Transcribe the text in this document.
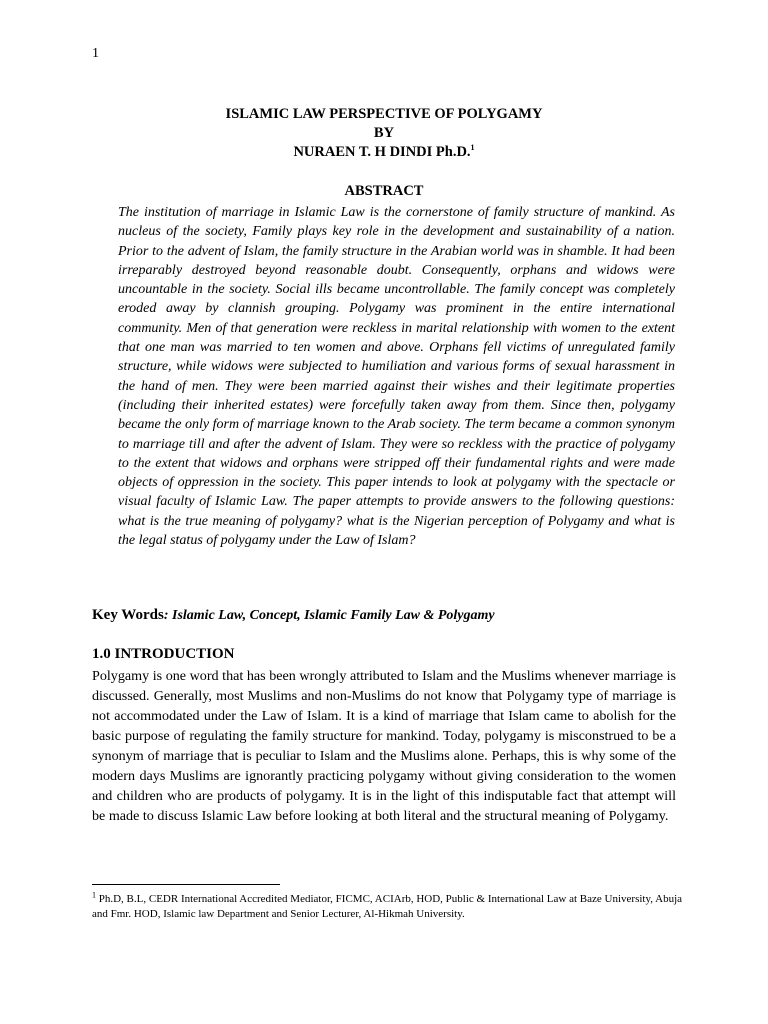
1
ISLAMIC LAW PERSPECTIVE OF POLYGAMY
BY
NURAEN T. H DINDI Ph.D.$^1$
ABSTRACT
The institution of marriage in Islamic Law is the cornerstone of family structure of mankind. As nucleus of the society, Family plays key role in the development and sustainability of a nation. Prior to the advent of Islam, the family structure in the Arabian world was in shamble. It had been irreparably destroyed beyond reasonable doubt. Consequently, orphans and widows were uncountable in the society. Social ills became uncontrollable. The family concept was completely eroded away by clannish grouping. Polygamy was prominent in the entire international community. Men of that generation were reckless in marital relationship with women to the extent that one man was married to ten women and above. Orphans fell victims of unregulated family structure, while widows were subjected to humiliation and various forms of sexual harassment in the hand of men. They were been married against their wishes and their legitimate properties (including their inherited estates) were forcefully taken away from them. Since then, polygamy became the only form of marriage known to the Arab society. The term became a common synonym to marriage till and after the advent of Islam. They were so reckless with the practice of polygamy to the extent that widows and orphans were stripped off their fundamental rights and were made objects of oppression in the society. This paper intends to look at polygamy with the spectacle or visual faculty of Islamic Law. The paper attempts to provide answers to the following questions: what is the true meaning of polygamy? what is the Nigerian perception of Polygamy and what is the legal status of polygamy under the Law of Islam?
Key Words: Islamic Law, Concept, Islamic Family Law & Polygamy
1.0 INTRODUCTION
Polygamy is one word that has been wrongly attributed to Islam and the Muslims whenever marriage is discussed. Generally, most Muslims and non-Muslims do not know that Polygamy type of marriage is not accommodated under the Law of Islam. It is a kind of marriage that Islam came to abolish for the basic purpose of regulating the family structure for mankind. Today, polygamy is misconstrued to be a synonym of marriage that is peculiar to Islam and the Muslims alone. Perhaps, this is why some of the modern days Muslims are ignorantly practicing polygamy without giving consideration to the women and children who are products of polygamy. It is in the light of this indisputable fact that attempt will be made to discuss Islamic Law before looking at both literal and the structural meaning of Polygamy.
$^1$ Ph.D, B.L, CEDR International Accredited Mediator, FICMC, ACIArb, HOD, Public & International Law at Baze University, Abuja and Fmr. HOD, Islamic law Department and Senior Lecturer, Al-Hikmah University.
